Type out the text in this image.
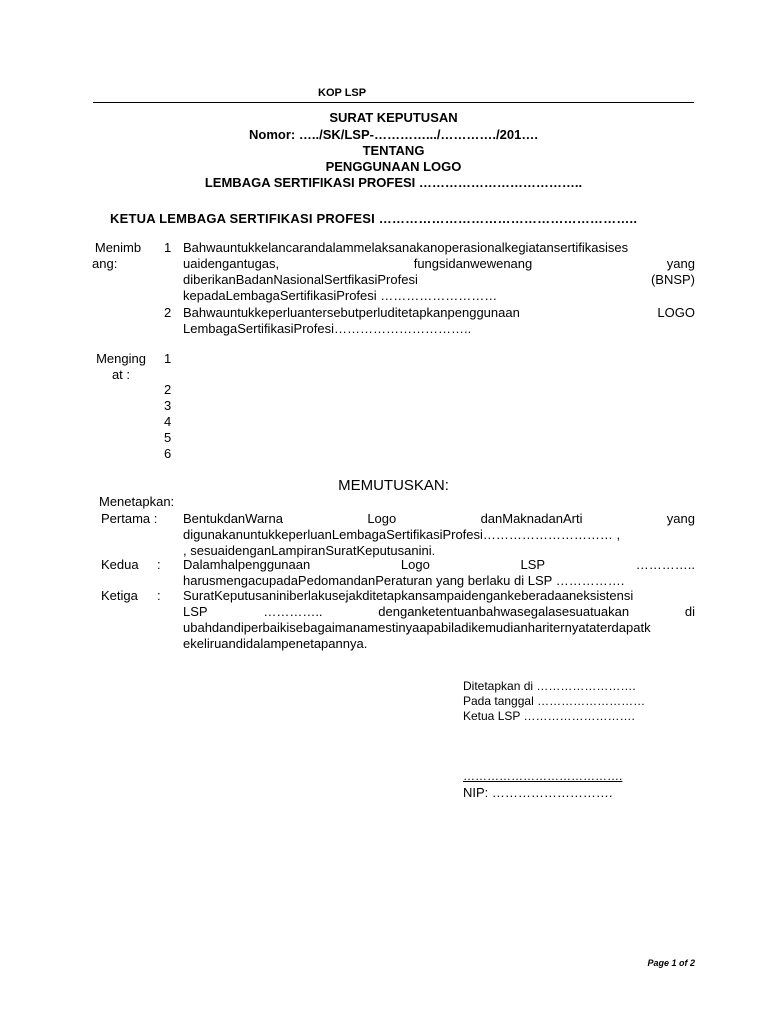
KOP LSP
SURAT KEPUTUSAN
Nomor: …../SK/LSP-………….../…………./201….
TENTANG
PENGGUNAAN LOGO
LEMBAGA SERTIFIKASI PROFESI ………………………………..
KETUA LEMBAGA SERTIFIKASI PROFESI …………………………………………………..
Menimb
ang:
1 Bahwauntukkelancarandalammelaksanakanoperasionalkegiatansertifikasises
uaidengantugas,	fungsidanwewenang	yang
diberikanBadanNasionalSertfikasiProfesi	(BNSP)
kepadaLembagaSertifikasiProfesi ………………………
2 Bahwauntukkeperluantersebutperluditetapkanpenggunaan	LOGO
LembagaSertifikasiProfesi…………………………..
Menging
at :
1
2
3
4
5
6
MEMUTUSKAN:
Menetapkan:
Pertama : BentukdanWarna	Logo	danMaknadanArti	yang
digunakanuntukkeperluanLembagaSertifikasiProfesi………………………… ,
, sesuaidenganLampiranSuratKeputusanini.
Kedua : Dalamhalpenggunaan	Logo	LSP	…………..
harusmengacupadaPedomandanPeraturan yang berlaku di LSP …………….
Ketiga : SuratKeputusaniniberlakusejakditetapkansampaidengankeberadaaneksistensi
LSP	…………..	denganketentuanbahwasegalasesuatuakan	di
ubahdandiperbaikisebagaimanamestinyaapabiladikemudianhariternyataterdapatk
ekeliruandidalampenetapannya.
Ditetapkan di …………………….
Pada tanggal ………………………
Ketua LSP ……………………….
………………………………….
NIP: ……………………….
Page 1 of 2
